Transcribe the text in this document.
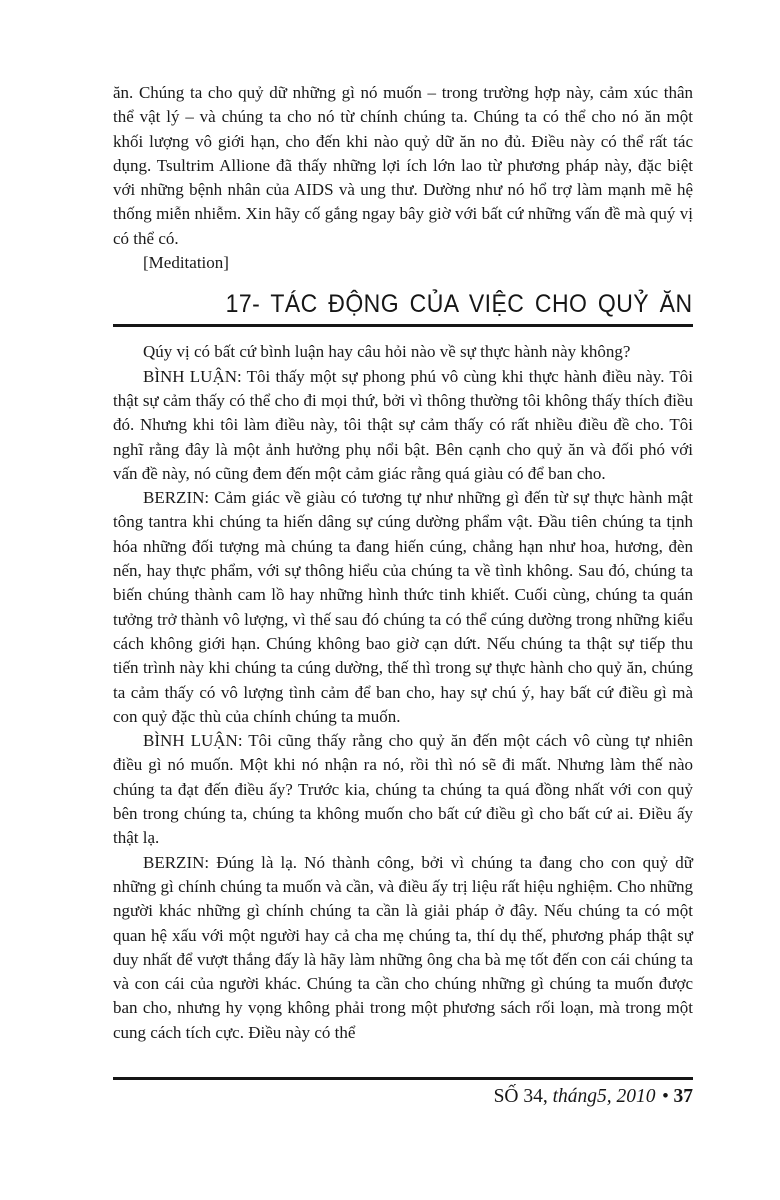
ăn. Chúng ta cho quỷ dữ những gì nó muốn – trong trường hợp này, cảm xúc thân thể vật lý – và chúng ta cho nó từ chính chúng ta. Chúng ta có thể cho nó ăn một khối lượng vô giới hạn, cho đến khi nào quỷ dữ ăn no đủ. Điều này có thể rất tác dụng. Tsultrim Allione đã thấy những lợi ích lớn lao từ phương pháp này, đặc biệt với những bệnh nhân của AIDS và ung thư. Dường như nó hổ trợ làm mạnh mẽ hệ thống miễn nhiễm. Xin hãy cố gắng ngay bây giờ với bất cứ những vấn đề mà quý vị có thể có.

[Meditation]

17- TÁC ĐỘNG CỦA VIỆC CHO QUỶ ĂN

Qúy vị có bất cứ bình luận hay câu hỏi nào về sự thực hành này không?

BÌNH LUẬN: Tôi thấy một sự phong phú vô cùng khi thực hành điều này. Tôi thật sự cảm thấy có thể cho đi mọi thứ, bởi vì thông thường tôi không thấy thích điều đó. Nhưng khi tôi làm điều này, tôi thật sự cảm thấy có rất nhiều điều đề cho. Tôi nghĩ rằng đây là một ảnh hưởng phụ nổi bật. Bên cạnh cho quỷ ăn và đối phó với vấn đề này, nó cũng đem đến một cảm giác rằng quá giàu có để ban cho.

BERZIN: Cảm giác về giàu có tương tự như những gì đến từ sự thực hành mật tông tantra khi chúng ta hiến dâng sự cúng dường phẩm vật. Đầu tiên chúng ta tịnh hóa những đối tượng mà chúng ta đang hiến cúng, chẳng hạn như hoa, hương, đèn nến, hay thực phẩm, với sự thông hiểu của chúng ta về tình không. Sau đó, chúng ta biến chúng thành cam lồ hay những hình thức tinh khiết. Cuối cùng, chúng ta quán tưởng trở thành vô lượng, vì thế sau đó chúng ta có thể cúng dường trong những kiểu cách không giới hạn. Chúng không bao giờ cạn dứt. Nếu chúng ta thật sự tiếp thu tiến trình này khi chúng ta cúng dường, thế thì trong sự thực hành cho quỷ ăn, chúng ta cảm thấy có vô lượng tình cảm để ban cho, hay sự chú ý, hay bất cứ điều gì mà con quỷ đặc thù của chính chúng ta muốn.

BÌNH LUẬN: Tôi cũng thấy rằng cho quỷ ăn đến một cách vô cùng tự nhiên điều gì nó muốn. Một khi nó nhận ra nó, rồi thì nó sẽ đi mất. Nhưng làm thế nào chúng ta đạt đến điều ấy? Trước kia, chúng ta chúng ta quá đồng nhất với con quỷ bên trong chúng ta, chúng ta không muốn cho bất cứ điều gì cho bất cứ ai. Điều ấy thật lạ.

BERZIN: Đúng là lạ. Nó thành công, bởi vì chúng ta đang cho con quỷ dữ những gì chính chúng ta muốn và cần, và điều ấy trị liệu rất hiệu nghiệm. Cho những người khác những gì chính chúng ta cần là giải pháp ở đây. Nếu chúng ta có một quan hệ xấu với một người hay cả cha mẹ chúng ta, thí dụ thế, phương pháp thật sự duy nhất để vượt thắng đấy là hãy làm những ông cha bà mẹ tốt đến con cái chúng ta và con cái của người khác. Chúng ta cần cho chúng những gì chúng ta muốn được ban cho, nhưng hy vọng không phải trong một phương sách rối loạn, mà trong một cung cách tích cực. Điều này có thể

SỐ 34, tháng5, 2010 • 37
